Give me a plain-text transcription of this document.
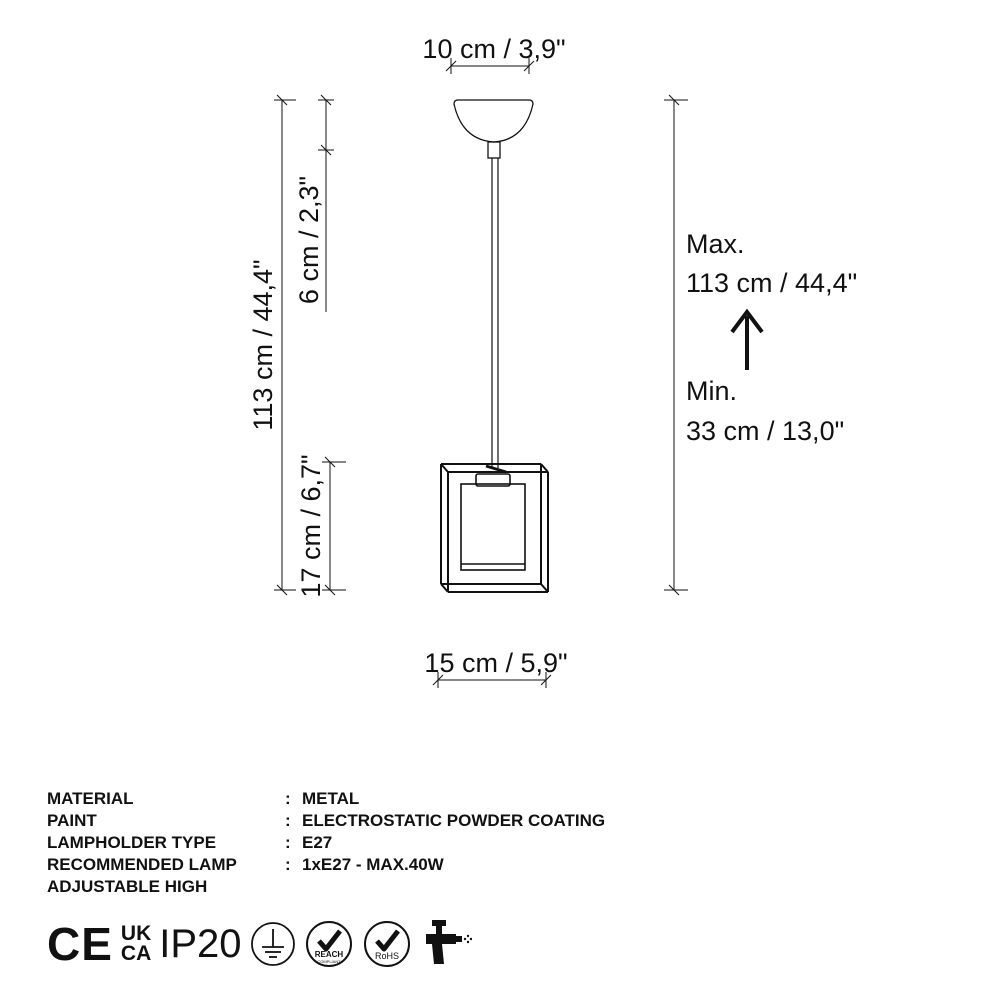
10 cm / 3,9"
113 cm / 44,4"
6 cm / 2,3"
17 cm / 6,7"
Max.
113 cm / 44,4"
Min.
33 cm / 13,0"
15 cm / 5,9"
MATERIAL	: METAL
PAINT	: ELECTROSTATIC POWDER COATING
LAMPHOLDER TYPE	: E27
RECOMMENDED LAMP	: 1xE27 - MAX.40W
ADJUSTABLE HIGH
CE UK
CA IP20	REACH
COMPLIANT
RoHS
